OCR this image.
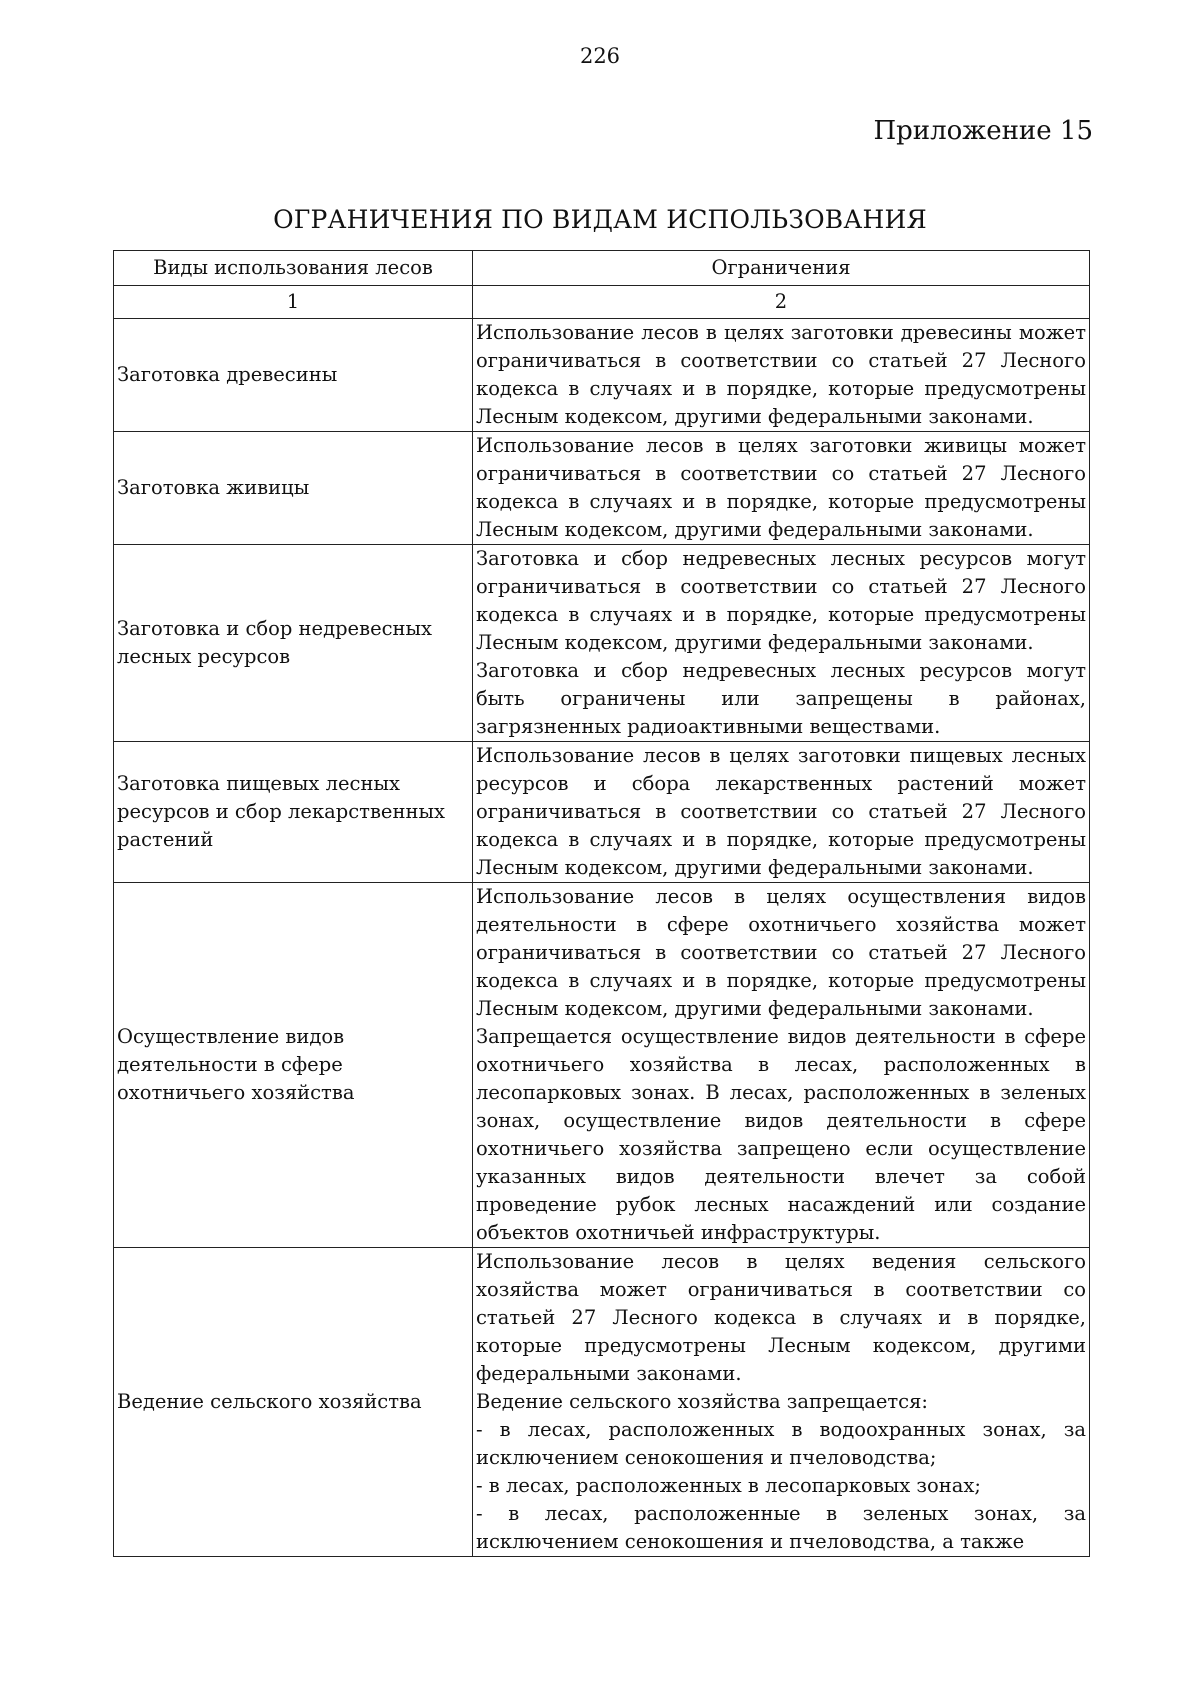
226
Приложение 15
ОГРАНИЧЕНИЯ ПО ВИДАМ ИСПОЛЬЗОВАНИЯ
Виды использования лесов	Ограничения
1	2
Заготовка древесины	Использование лесов в целях заготовки древесины может ограничиваться в соответствии со статьей 27 Лесного кодекса в случаях и в порядке, которые предусмотрены Лесным кодексом, другими федеральными законами.

Заготовка живицы	Использование лесов в целях заготовки живицы может ограничиваться в соответствии со статьей 27 Лесного кодекса в случаях и в порядке, которые предусмотрены Лесным кодексом, другими федеральными законами.

Заготовка и сбор недревесных лесных ресурсов	Заготовка и сбор недревесных лесных ресурсов могут ограничиваться в соответствии со статьей 27 Лесного кодекса в случаях и в порядке, которые предусмотрены Лесным кодексом, другими федеральными законами.

Заготовка и сбор недревесных лесных ресурсов могут быть ограничены или запрещены в районах, загрязненных радиоактивными веществами.

Заготовка пищевых лесных ресурсов и сбор лекарственных растений	Использование лесов в целях заготовки пищевых лесных ресурсов и сбора лекарственных растений может ограничиваться в соответствии со статьей 27 Лесного кодекса в случаях и в порядке, которые предусмотрены Лесным кодексом, другими федеральными законами.

Осуществление видов деятельности в сфере охотничьего хозяйства	Использование лесов в целях осуществления видов деятельности в сфере охотничьего хозяйства может ограничиваться в соответствии со статьей 27 Лесного кодекса в случаях и в порядке, которые предусмотрены Лесным кодексом, другими федеральными законами.

Запрещается осуществление видов деятельности в сфере охотничьего хозяйства в лесах, расположенных в лесопарковых зонах. В лесах, расположенных в зеленых зонах, осуществление видов деятельности в сфере охотничьего хозяйства запрещено если осуществление указанных видов деятельности влечет за собой проведение рубок лесных насаждений или создание объектов охотничьей инфраструктуры.

Ведение сельского хозяйства	Использование лесов в целях ведения сельского хозяйства может ограничиваться в соответствии со статьей 27 Лесного кодекса в случаях и в порядке, которые предусмотрены Лесным кодексом, другими федеральными законами.

Ведение сельского хозяйства запрещается:

- в лесах, расположенных в водоохранных зонах, за исключением сенокошения и пчеловодства;

- в лесах, расположенных в лесопарковых зонах;

- в лесах, расположенные в зеленых зонах, за исключением сенокошения и пчеловодства, а также
